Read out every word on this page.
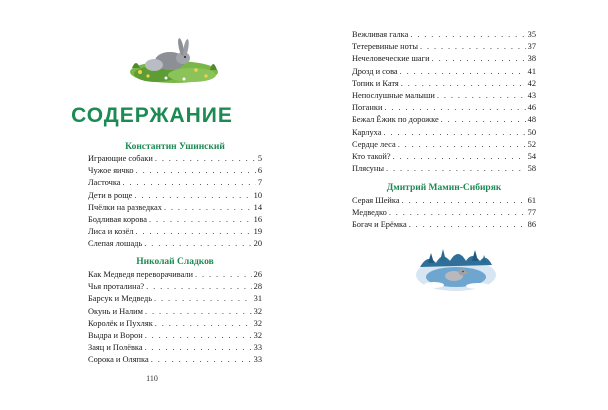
СОДЕРЖАНИЕ
Константин Ушинский
Играющие собаки . . .	5
Чужое яичко . . .	6
Ласточка . . .	7
Дети в роще . . .	10
Пчёлки на разведках . . .	14
Бодливая корова . . .	16
Лиса и козёл . . .	19
Слепая лошадь . . .	20
Николай Сладков
Как Медведя переворачивали . . .	26
Чья проталина? . . .	28
Барсук и Медведь . . .	31
Окунь и Налим . . .	32
Королёк и Пухляк . . .	32
Выдра и Ворон . . .	32
Заяц и Полёвка . . .	33
Сорока и Оляпка . . .	33
110
Вежливая галка . . .	35
Тетеревиные ноты . . .	37
Нечеловеческие шаги . . .	38
Дрозд и сова . . .	41
Топик и Катя . . .	42
Непослушные малыши . . .	43
Поганки . . .	46
Бежал Ёжик по дорожке . . .	48
Карлуха . . .	50
Сердце леса . . .	52
Кто такой? . . .	54
Плясуны . . .	58
Дмитрий Мамин-Сибиряк
Серая Шейка . . .	61
Медведко . . .	77
Богач и Ерёмка . . .	86
